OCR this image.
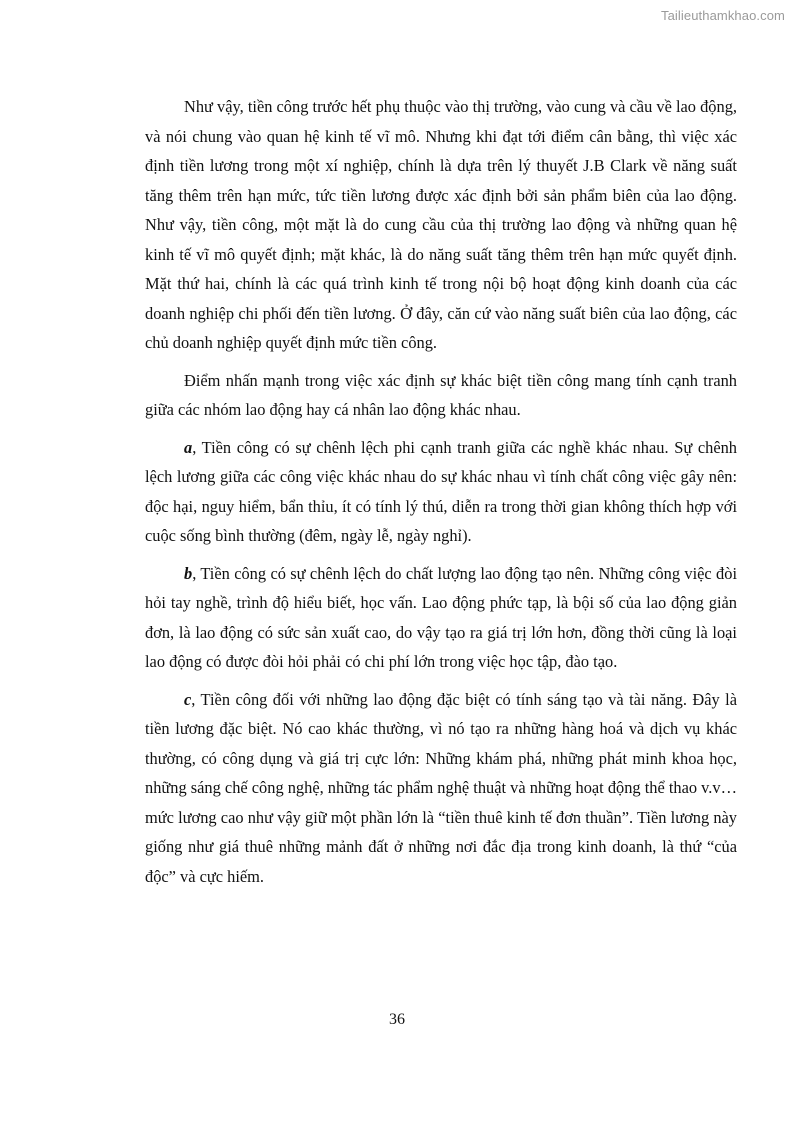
Tailieuthamkhao.com

Như vậy, tiền công trước hết phụ thuộc vào thị trường, vào cung và cầu về lao động, và nói chung vào quan hệ kinh tế vĩ mô. Nhưng khi đạt tới điểm cân bằng, thì việc xác định tiền lương trong một xí nghiệp, chính là dựa trên lý thuyết J.B Clark về năng suất tăng thêm trên hạn mức, tức tiền lương được xác định bởi sản phẩm biên của lao động. Như vậy, tiền công, một mặt là do cung cầu của thị trường lao động và những quan hệ kinh tế vĩ mô quyết định; mặt khác, là do năng suất tăng thêm trên hạn mức quyết định. Mặt thứ hai, chính là các quá trình kinh tế trong nội bộ hoạt động kinh doanh của các doanh nghiệp chi phối đến tiền lương. Ở đây, căn cứ vào năng suất biên của lao động, các chủ doanh nghiệp quyết định mức tiền công.

Điểm nhấn mạnh trong việc xác định sự khác biệt tiền công mang tính cạnh tranh giữa các nhóm lao động hay cá nhân lao động khác nhau.

a, Tiền công có sự chênh lệch phi cạnh tranh giữa các nghề khác nhau. Sự chênh lệch lương giữa các công việc khác nhau do sự khác nhau vì tính chất công việc gây nên: độc hại, nguy hiểm, bẩn thỉu, ít có tính lý thú, diễn ra trong thời gian không thích hợp với cuộc sống bình thường (đêm, ngày lễ, ngày nghỉ).

b, Tiền công có sự chênh lệch do chất lượng lao động tạo nên. Những công việc đòi hỏi tay nghề, trình độ hiểu biết, học vấn. Lao động phức tạp, là bội số của lao động giản đơn, là lao động có sức sản xuất cao, do vậy tạo ra giá trị lớn hơn, đồng thời cũng là loại lao động có được đòi hỏi phải có chi phí lớn trong việc học tập, đào tạo.

c, Tiền công đối với những lao động đặc biệt có tính sáng tạo và tài năng. Đây là tiền lương đặc biệt. Nó cao khác thường, vì nó tạo ra những hàng hoá và dịch vụ khác thường, có công dụng và giá trị cực lớn: Những khám phá, những phát minh khoa học, những sáng chế công nghệ, những tác phẩm nghệ thuật và những hoạt động thể thao v.v… mức lương cao như vậy giữ một phần lớn là “tiền thuê kinh tế đơn thuần”. Tiền lương này giống như giá thuê những mảnh đất ở những nơi đắc địa trong kinh doanh, là thứ “của độc” và cực hiếm.

36
